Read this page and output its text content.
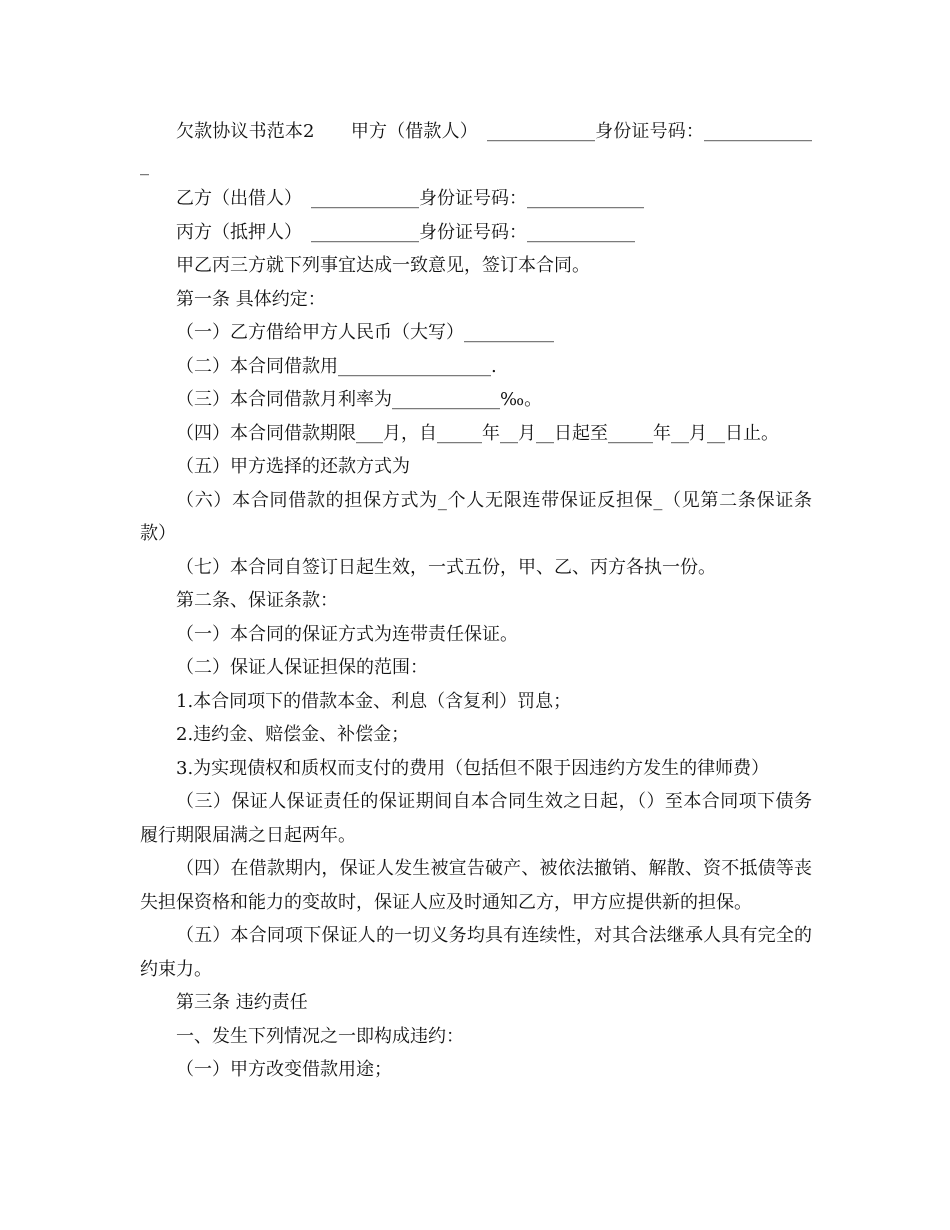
欠款协议书范本2　　甲方（借款人）　____________身份证号码：_____________

乙方（出借人）　____________身份证号码：_____________

丙方（抵押人）　____________身份证号码：____________

甲乙丙三方就下列事宜达成一致意见，签订本合同。

第一条 具体约定：

（一）乙方借给甲方人民币（大写）__________

（二）本合同借款用_________________.

（三）本合同借款月利率为____________‰。

（四）本合同借款期限___月，自_____年__月__日起至_____年__月__日止。

（五）甲方选择的还款方式为

（六）本合同借款的担保方式为_个人无限连带保证反担保_（见第二条保证条款）

（七）本合同自签订日起生效，一式五份，甲、乙、丙方各执一份。

第二条、保证条款：

（一）本合同的保证方式为连带责任保证。

（二）保证人保证担保的范围：

1.本合同项下的借款本金、利息（含复利）罚息；

2.违约金、赔偿金、补偿金；

3.为实现债权和质权而支付的费用（包括但不限于因违约方发生的律师费）

（三）保证人保证责任的保证期间自本合同生效之日起，（）至本合同项下债务履行期限届满之日起两年。

（四）在借款期内，保证人发生被宣告破产、被依法撤销、解散、资不抵债等丧失担保资格和能力的变故时，保证人应及时通知乙方，甲方应提供新的担保。

（五）本合同项下保证人的一切义务均具有连续性，对其合法继承人具有完全的约束力。

第三条 违约责任

一、发生下列情况之一即构成违约：

（一）甲方改变借款用途；
